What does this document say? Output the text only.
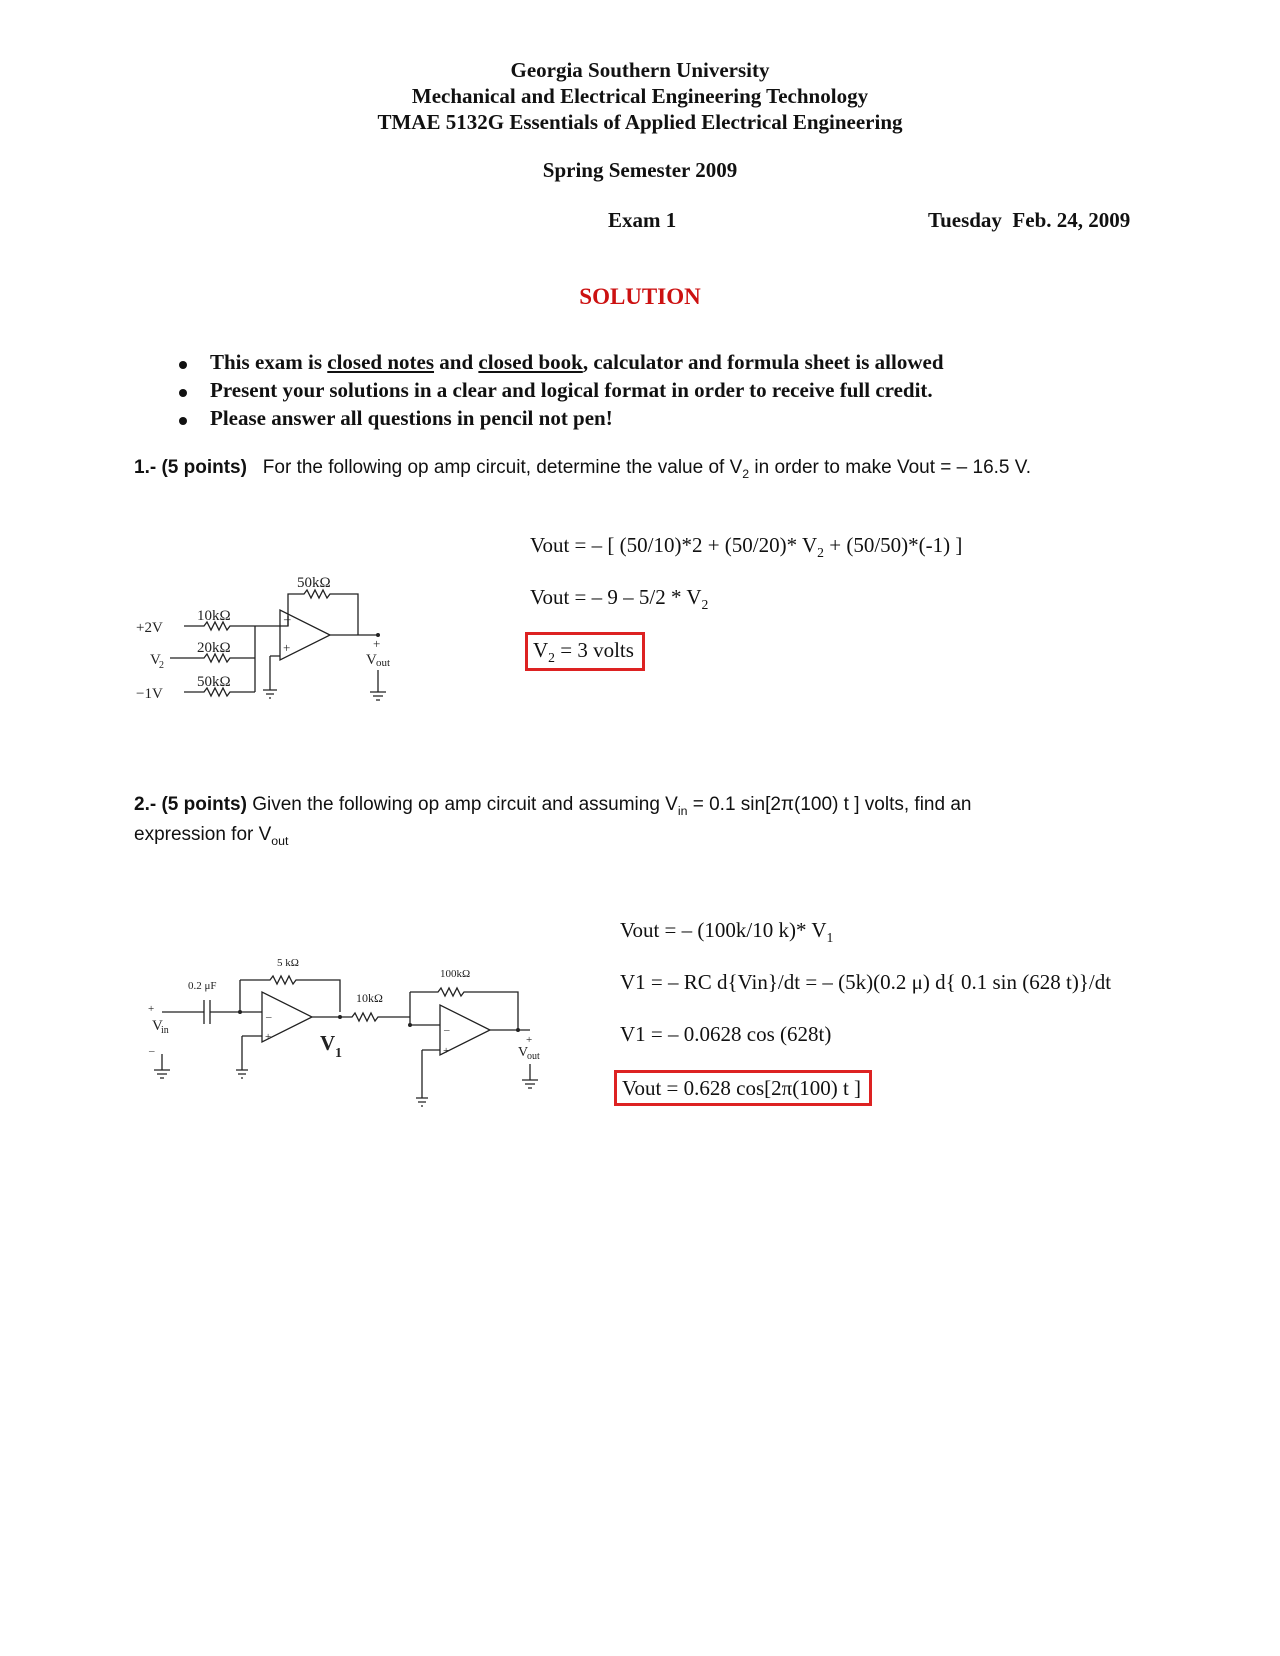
Georgia Southern University
Mechanical and Electrical Engineering Technology
TMAE 5132G Essentials of Applied Electrical Engineering
Spring Semester 2009
Exam 1	Tuesday  Feb. 24, 2009
SOLUTION
This exam is closed notes and closed book, calculator and formula sheet is allowed
Present your solutions in a clear and logical format in order to receive full credit.
Please answer all questions in pencil not pen!
1.- (5 points) For the following op amp circuit, determine the value of $V_2$ in order to make Vout = – 16.5 V.
50kΩ
10kΩ
20kΩ
50kΩ
+2V
V
2
−1V
–
+	+
V out
Vout = – [ (50/10)*2 + (50/20)* $V_2 + (50/50)*(-1)$ ]
Vout = – $9 - 5/2 * V_2$
$V_2 = 3$ volts
2.- (5 points) Given the following op amp circuit and assuming $V_{in} = 0.1$ sin[2π(100) t ] volts, find an
expression for $V_{out}$
0.2 μF
5 kΩ
10kΩ
100kΩ
+
V
in
–
–
+ V 1
–
+
+
V
out
Vout = – (100k/10 k)* $V_1$
V1 = – RC d{Vin}/dt = – (5k)(0.2 μ) d{ 0.1 sin (628 t)}/dt
V1 = – 0.0628 cos (628t)
Vout = 0.628 cos[2π(100) t ]
